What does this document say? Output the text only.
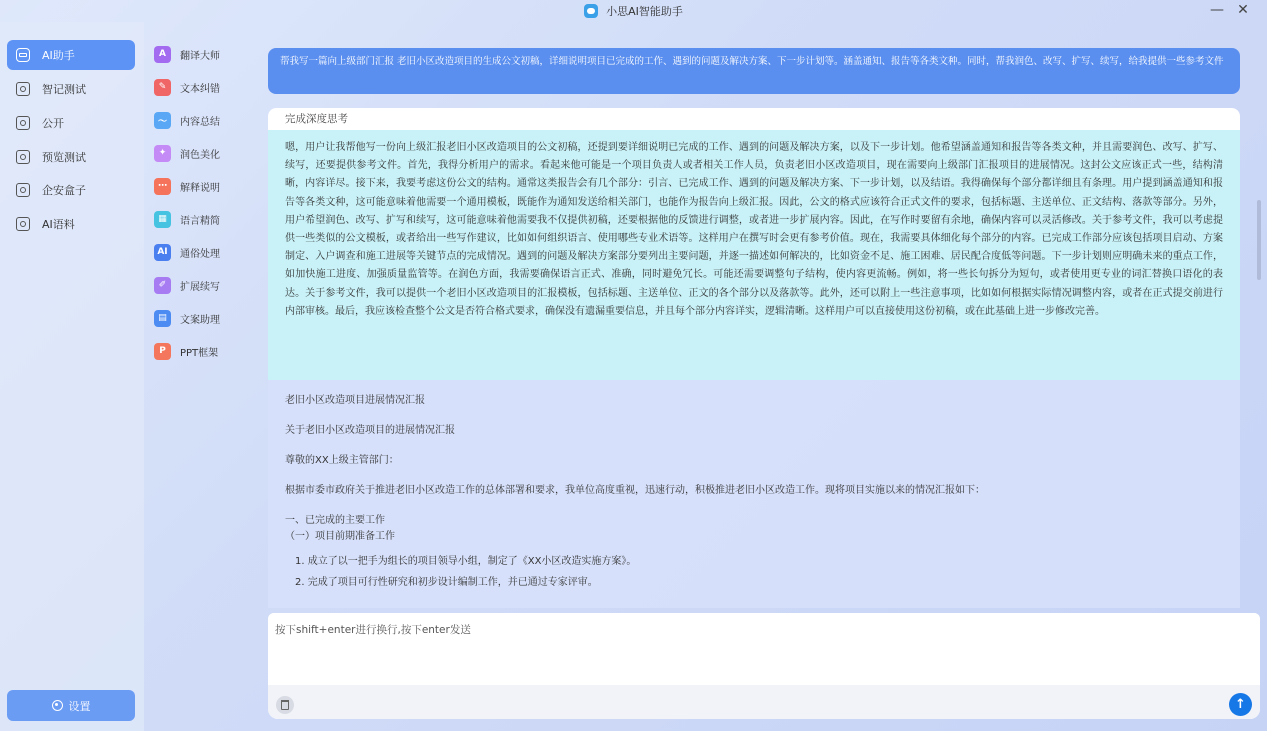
小思AI智能助手	— ✕
AI助手
智记测试
公开
预览测试
企安盒子
AI语料
设置
A	翻译大师
✎	文本纠错
〜	内容总结
✦	润色美化
⋯	解释说明
▦	语言精简
AI	通俗处理
✐	扩展续写
▤	文案助理
P	PPT框架
帮我写一篇向上级部门汇报 老旧小区改造项目的生成公文初稿，详细说明项目已完成的工作、遇到的问题及解决方案、下一步计划等。涵盖通知、报告等各类文种。同时，帮我润色、改写、扩写、续写，给我提供一些参考文件
完成深度思考
嗯，用户让我帮他写一份向上级汇报老旧小区改造项目的公文初稿，还提到要详细说明已完成的工作、遇到的问题及解决方案，以及下一步计划。他希望涵盖通知和报告等各类文种，并且需要润色、改写、扩写、续写，还要提供参考文件。首先，我得分析用户的需求。看起来他可能是一个项目负责人或者相关工作人员，负责老旧小区改造项目，现在需要向上级部门汇报项目的进展情况。这封公文应该正式一些，结构清晰，内容详尽。接下来，我要考虑这份公文的结构。通常这类报告会有几个部分：引言、已完成工作、遇到的问题及解决方案、下一步计划，以及结语。我得确保每个部分都详细且有条理。用户提到涵盖通知和报告等各类文种，这可能意味着他需要一个通用模板，既能作为通知发送给相关部门，也能作为报告向上级汇报。因此，公文的格式应该符合正式文件的要求，包括标题、主送单位、正文结构、落款等部分。另外，用户希望润色、改写、扩写和续写，这可能意味着他需要我不仅提供初稿，还要根据他的反馈进行调整，或者进一步扩展内容。因此，在写作时要留有余地，确保内容可以灵活修改。关于参考文件，我可以考虑提供一些类似的公文模板，或者给出一些写作建议，比如如何组织语言、使用哪些专业术语等。这样用户在撰写时会更有参考价值。现在，我需要具体细化每个部分的内容。已完成工作部分应该包括项目启动、方案制定、入户调查和施工进展等关键节点的完成情况。遇到的问题及解决方案部分要列出主要问题，并逐一描述如何解决的，比如资金不足、施工困难、居民配合度低等问题。下一步计划则应明确未来的重点工作，如加快施工进度、加强质量监管等。在润色方面，我需要确保语言正式、准确，同时避免冗长。可能还需要调整句子结构，使内容更流畅。例如，将一些长句拆分为短句，或者使用更专业的词汇替换口语化的表达。关于参考文件，我可以提供一个老旧小区改造项目的汇报模板，包括标题、主送单位、正文的各个部分以及落款等。此外，还可以附上一些注意事项，比如如何根据实际情况调整内容，或者在正式提交前进行内部审核。最后，我应该检查整个公文是否符合格式要求，确保没有遗漏重要信息，并且每个部分内容详实，逻辑清晰。这样用户可以直接使用这份初稿，或在此基础上进一步修改完善。
老旧小区改造项目进展情况汇报
关于老旧小区改造项目的进展情况汇报
尊敬的XX上级主管部门：
根据市委市政府关于推进老旧小区改造工作的总体部署和要求，我单位高度重视，迅速行动，积极推进老旧小区改造工作。现将项目实施以来的情况汇报如下：
一、已完成的主要工作
（一）项目前期准备工作
1. 成立了以一把手为组长的项目领导小组，制定了《XX小区改造实施方案》。
2. 完成了项目可行性研究和初步设计编制工作，并已通过专家评审。
按下shift+enter进行换行,按下enter发送
↑
